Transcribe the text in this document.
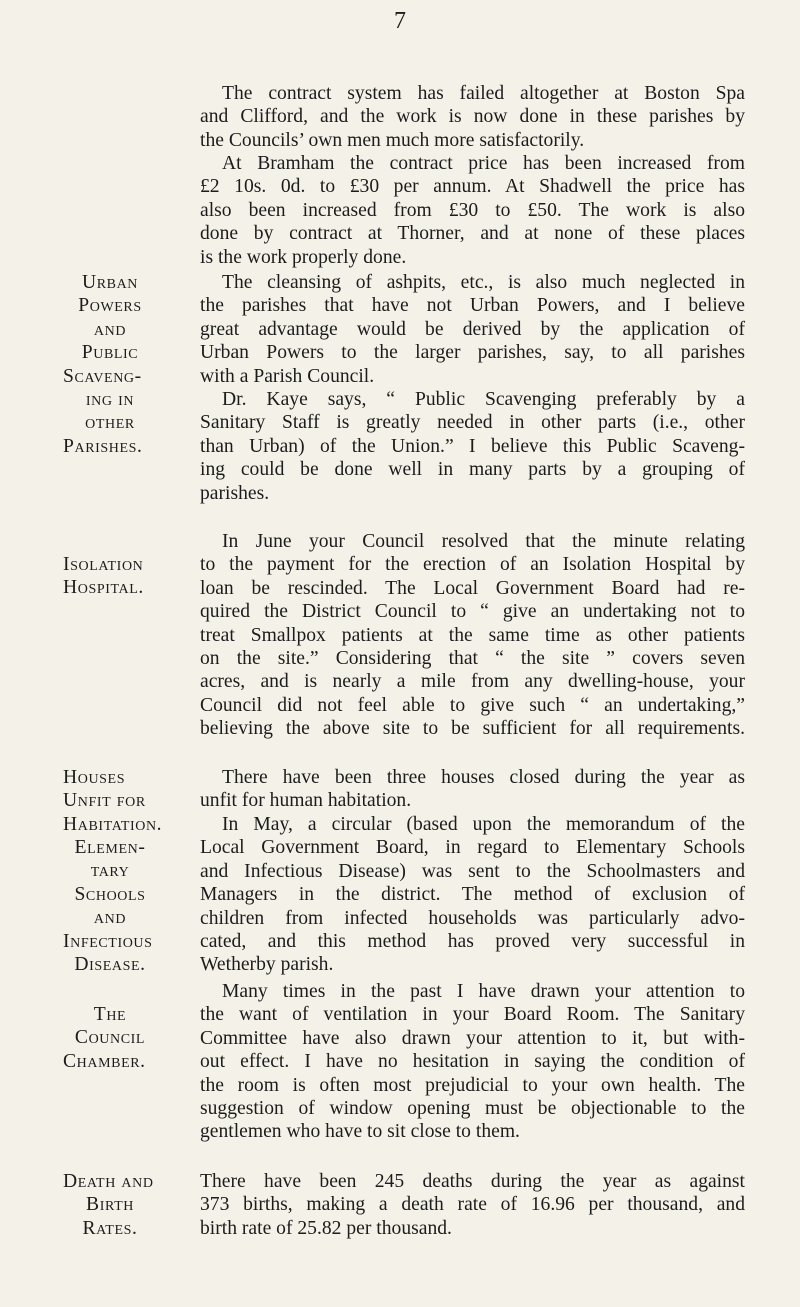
7

The contract system has failed altogether at Boston Spa

and Clifford, and the work is now done in these parishes by

the Councils’ own men much more satisfactorily.

At Bramham the contract price has been increased from

£2 10s. 0d. to £30 per annum. At Shadwell the price has

also been increased from £30 to £50. The work is also

done by contract at Thorner, and at none of these places

is the work properly done.

Urban
Powers
and
Public
Scaveng-
ing in
other
Parishes.

The cleansing of ashpits, etc., is also much neglected in

the parishes that have not Urban Powers, and I believe

great advantage would be derived by the application of

Urban Powers to the larger parishes, say, to all parishes

with a Parish Council.

Dr. Kaye says, “ Public Scavenging preferably by a

Sanitary Staff is greatly needed in other parts (i.e., other

than Urban) of the Union.” I believe this Public Scaveng-

ing could be done well in many parts by a grouping of

parishes.

Isolation
Hospital.

In June your Council resolved that the minute relating

to the payment for the erection of an Isolation Hospital by

loan be rescinded. The Local Government Board had re-

quired the District Council to “ give an undertaking not to

treat Smallpox patients at the same time as other patients

on the site.” Considering that “ the site ” covers seven

acres, and is nearly a mile from any dwelling-house, your

Council did not feel able to give such “ an undertaking,”

believing the above site to be sufficient for all requirements.

Houses
Unfit for
Habitation.

There have been three houses closed during the year as

unfit for human habitation.

Elemen-
tary
Schools
and
Infectious
Disease.

In May, a circular (based upon the memorandum of the

Local Government Board, in regard to Elementary Schools

and Infectious Disease) was sent to the Schoolmasters and

Managers in the district. The method of exclusion of

children from infected households was particularly advo-

cated, and this method has proved very successful in

Wetherby parish.

The
Council
Chamber.

Many times in the past I have drawn your attention to

the want of ventilation in your Board Room. The Sanitary

Committee have also drawn your attention to it, but with-

out effect. I have no hesitation in saying the condition of

the room is often most prejudicial to your own health. The

suggestion of window opening must be objectionable to the

gentlemen who have to sit close to them.

Death and
Birth
Rates.

There have been 245 deaths during the year as against

373 births, making a death rate of 16.96 per thousand, and

birth rate of 25.82 per thousand.
